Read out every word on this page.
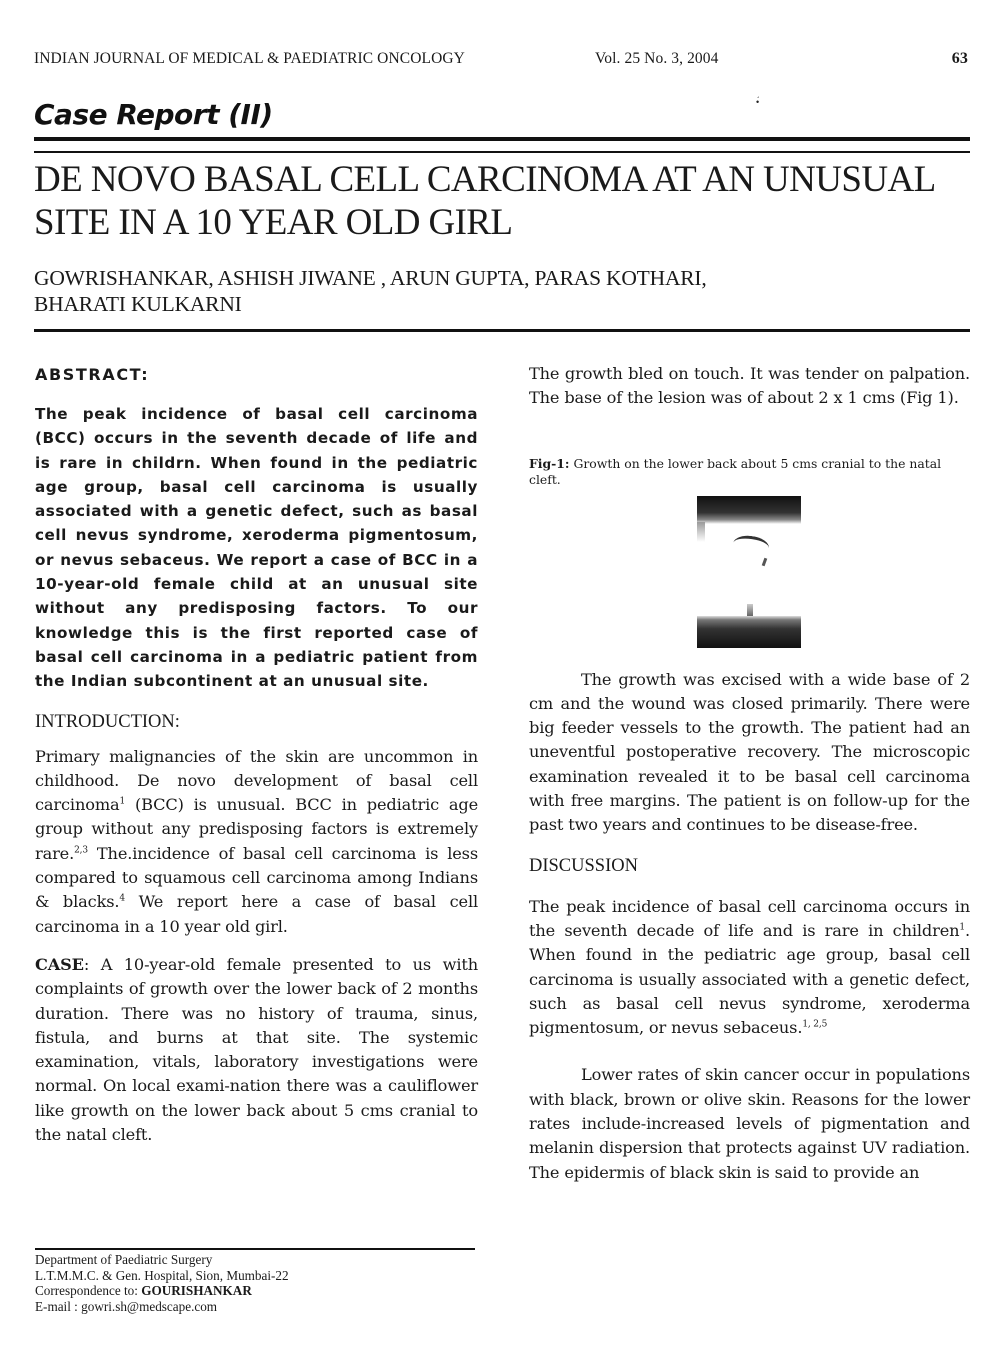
INDIAN JOURNAL OF MEDICAL & PAEDIATRIC ONCOLOGY	Vol. 25 No. 3, 2004	63
Case Report (II)	•́
DE NOVO BASAL CELL CARCINOMA AT AN UNUSUAL
SITE IN A 10 YEAR OLD GIRL
GOWRISHANKAR, ASHISH JIWANE , ARUN GUPTA, PARAS KOTHARI,
BHARATI KULKARNI
ABSTRACT:

The peak incidence of basal cell carcinoma (BCC) occurs in the seventh decade of life and is rare in childrn. When found in the pediatric age group, basal cell carcinoma is usually associated with a genetic defect, such as basal cell nevus syndrome, xeroderma pigmentosum, or nevus sebaceus. We report a case of BCC in a 10-year-old female child at an unusual site without any predisposing factors. To our knowledge this is the first reported case of basal cell carcinoma in a pediatric patient from the Indian subcontinent at an unusual site.

INTRODUCTION:

Primary malignancies of the skin are uncommon in childhood. De novo development of basal cell carcinoma$^1$ (BCC) is unusual. BCC in pediatric age group without any predisposing factors is extremely rare.$^{2,3}$ The.incidence of basal cell carcinoma is less compared to squamous cell carcinoma among Indians & blacks.$^4$ We report here a case of basal cell carcinoma in a 10 year old girl.

CASE: A 10-year-old female presented to us with complaints of growth over the lower back of 2 months duration. There was no history of trauma, sinus, fistula, and burns at that site. The systemic examination, vitals, laboratory investigations were normal. On local exami-nation there was a cauliflower like growth on the lower back about 5 cms cranial to the natal cleft.

Department of Paediatric Surgery
L.T.M.M.C. & Gen. Hospital, Sion, Mumbai-22
Correspondence to: GOURISHANKAR
E-mail : gowri.sh@medscape.com

The growth bled on touch. It was tender on palpation. The base of the lesion was of about 2 x 1 cms (Fig 1).

Fig-1: Growth on the lower back about 5 cms cranial to the natal cleft.

The growth was excised with a wide base of 2 cm and the wound was closed primarily. There were big feeder vessels to the growth. The patient had an uneventful postoperative recovery. The microscopic examination revealed it to be basal cell carcinoma with free margins. The patient is on follow-up for the past two years and continues to be disease-free.

DISCUSSION

The peak incidence of basal cell carcinoma occurs in the seventh decade of life and is rare in children$^1$. When found in the pediatric age group, basal cell carcinoma is usually associated with a genetic defect, such as basal cell nevus syndrome, xeroderma pigmentosum, or nevus sebaceus.$^{1, 2,5}$

Lower rates of skin cancer occur in populations with black, brown or olive skin. Reasons for the lower rates include-increased levels of pigmentation and melanin dispersion that protects against UV radiation. The epidermis of black skin is said to provide an
